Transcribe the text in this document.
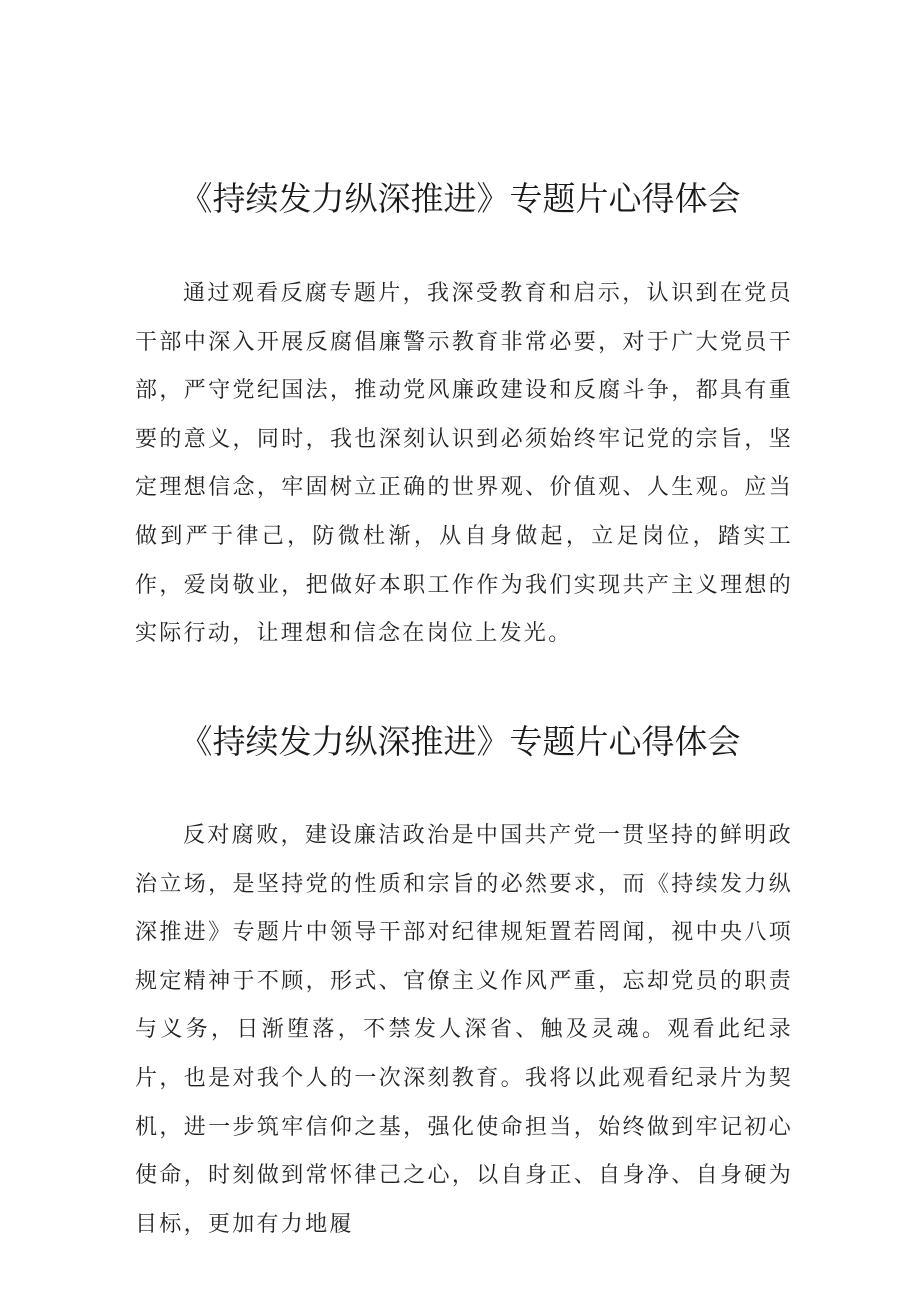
《持续发力纵深推进》专题片心得体会

通过观看反腐专题片，我深受教育和启示，认识到在党员干部中深入开展反腐倡廉警示教育非常必要，对于广大党员干部，严守党纪国法，推动党风廉政建设和反腐斗争，都具有重要的意义，同时，我也深刻认识到必须始终牢记党的宗旨，坚定理想信念，牢固树立正确的世界观、价值观、人生观。应当做到严于律己，防微杜渐，从自身做起，立足岗位，踏实工作，爱岗敬业，把做好本职工作作为我们实现共产主义理想的实际行动，让理想和信念在岗位上发光。

《持续发力纵深推进》专题片心得体会

反对腐败，建设廉洁政治是中国共产党一贯坚持的鲜明政治立场，是坚持党的性质和宗旨的必然要求，而《持续发力纵深推进》专题片中领导干部对纪律规矩置若罔闻，视中央八项规定精神于不顾，形式、官僚主义作风严重，忘却党员的职责与义务，日渐堕落，不禁发人深省、触及灵魂。观看此纪录片，也是对我个人的一次深刻教育。我将以此观看纪录片为契机，进一步筑牢信仰之基，强化使命担当，始终做到牢记初心使命，时刻做到常怀律己之心，以自身正、自身净、自身硬为目标，更加有力地履
